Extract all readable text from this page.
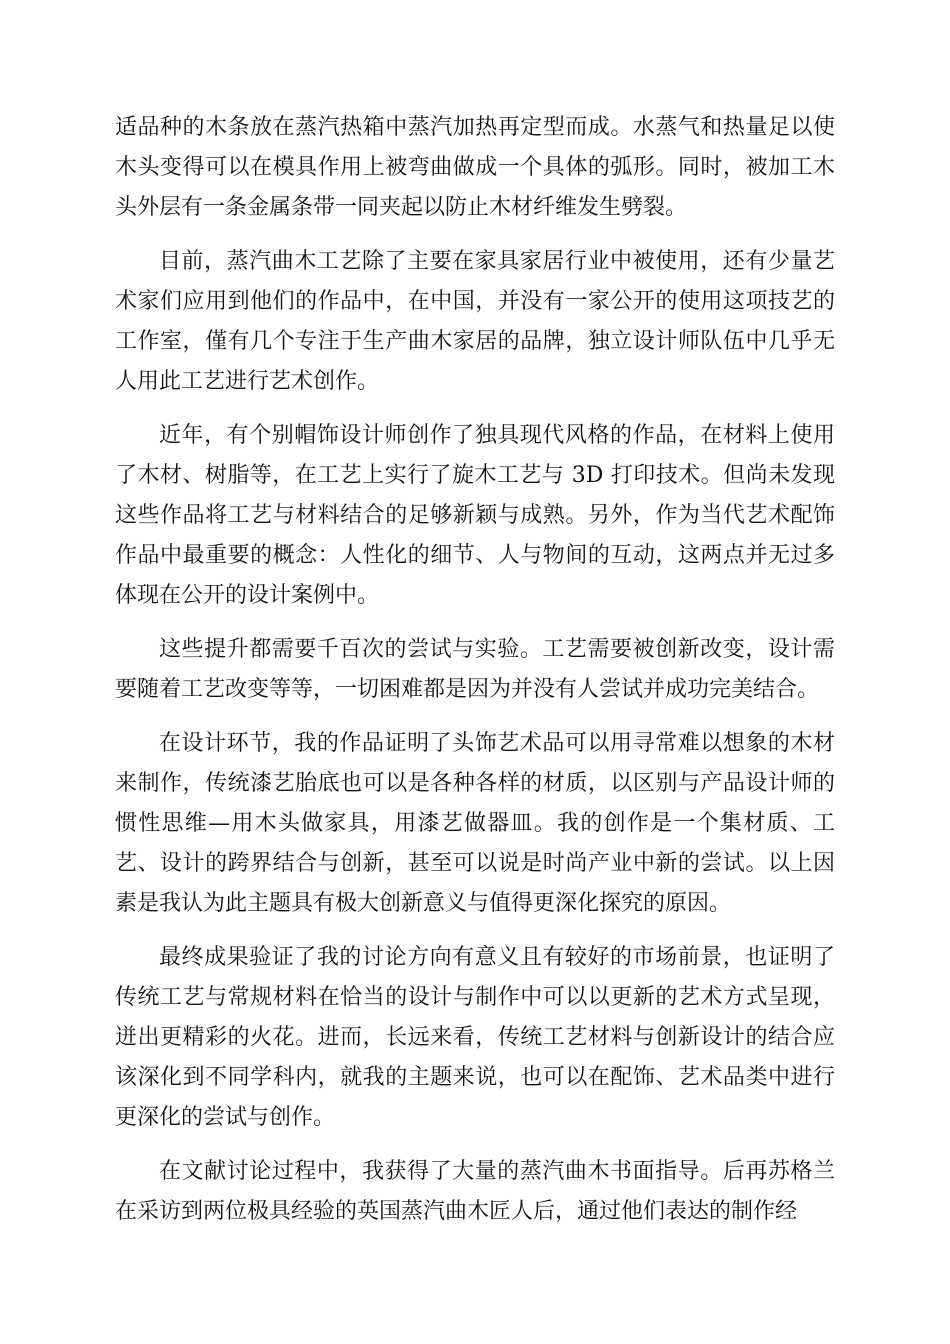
适品种的木条放在蒸汽热箱中蒸汽加热再定型而成。水蒸气和热量足以使木头变得可以在模具作用上被弯曲做成一个具体的弧形。同时，被加工木头外层有一条金属条带一同夹起以防止木材纤维发生劈裂。

目前，蒸汽曲木工艺除了主要在家具家居行业中被使用，还有少量艺术家们应用到他们的作品中，在中国，并没有一家公开的使用这项技艺的工作室，僅有几个专注于生产曲木家居的品牌，独立设计师队伍中几乎无人用此工艺进行艺术创作。

近年，有个别帽饰设计师创作了独具现代风格的作品，在材料上使用了木材、树脂等，在工艺上实行了旋木工艺与 3D 打印技术。但尚未发现这些作品将工艺与材料结合的足够新颖与成熟。另外，作为当代艺术配饰作品中最重要的概念：人性化的细节、人与物间的互动，这两点并无过多体现在公开的设计案例中。

这些提升都需要千百次的尝试与实验。工艺需要被创新改变，设计需要随着工艺改变等等，一切困难都是因为并没有人尝试并成功完美结合。

在设计环节，我的作品证明了头饰艺术品可以用寻常难以想象的木材来制作，传统漆艺胎底也可以是各种各样的材质，以区别与产品设计师的惯性思维—用木头做家具，用漆艺做器皿。我的创作是一个集材质、工艺、设计的跨界结合与创新，甚至可以说是时尚产业中新的尝试。以上因素是我认为此主题具有极大创新意义与值得更深化探究的原因。

最终成果验证了我的讨论方向有意义且有较好的市场前景，也证明了传统工艺与常规材料在恰当的设计与制作中可以以更新的艺术方式呈现，迸出更精彩的火花。进而，长远来看，传统工艺材料与创新设计的结合应该深化到不同学科内，就我的主题来说，也可以在配饰、艺术品类中进行更深化的尝试与创作。

在文献讨论过程中，我获得了大量的蒸汽曲木书面指导。后再苏格兰在采访到两位极具经验的英国蒸汽曲木匠人后，通过他们表达的制作经
